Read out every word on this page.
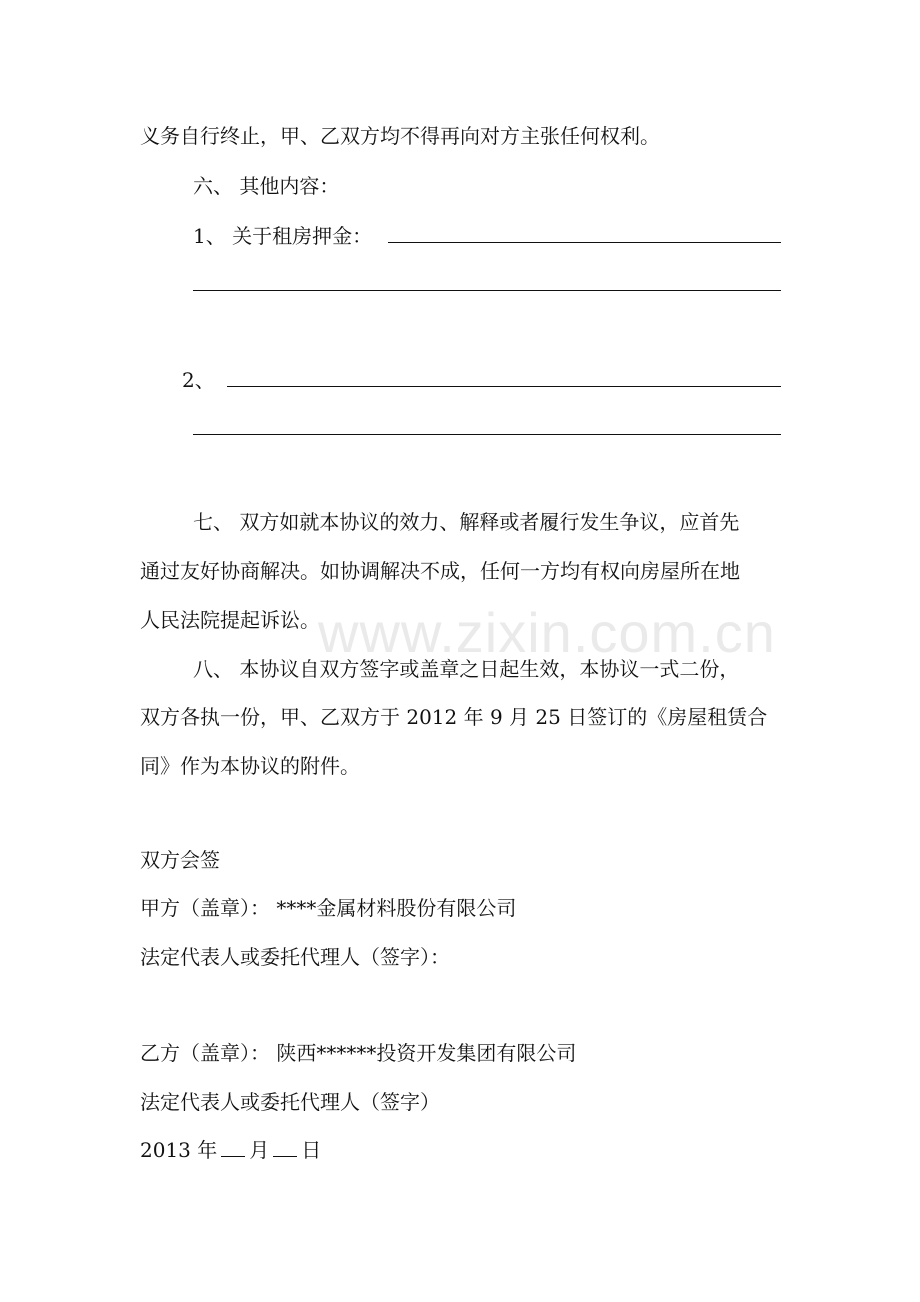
www.zixin.com.cn
义务自行终止，甲、乙双方均不得再向对方主张任何权利。
六、 其他内容：
1、 关于租房押金：
2、
七、 双方如就本协议的效力、解释或者履行发生争议，应首先
通过友好协商解决。如协调解决不成，任何一方均有权向房屋所在地
人民法院提起诉讼。
八、 本协议自双方签字或盖章之日起生效，本协议一式二份，
双方各执一份，甲、乙双方于 2012 年 9 月 25 日签订的《房屋租赁合
同》作为本协议的附件。
双方会签
甲方（盖章）： ****金属材料股份有限公司
法定代表人或委托代理人（签字）：
乙方（盖章）： 陕西******投资开发集团有限公司
法定代表人或委托代理人（签字）
2013 年 月 日
